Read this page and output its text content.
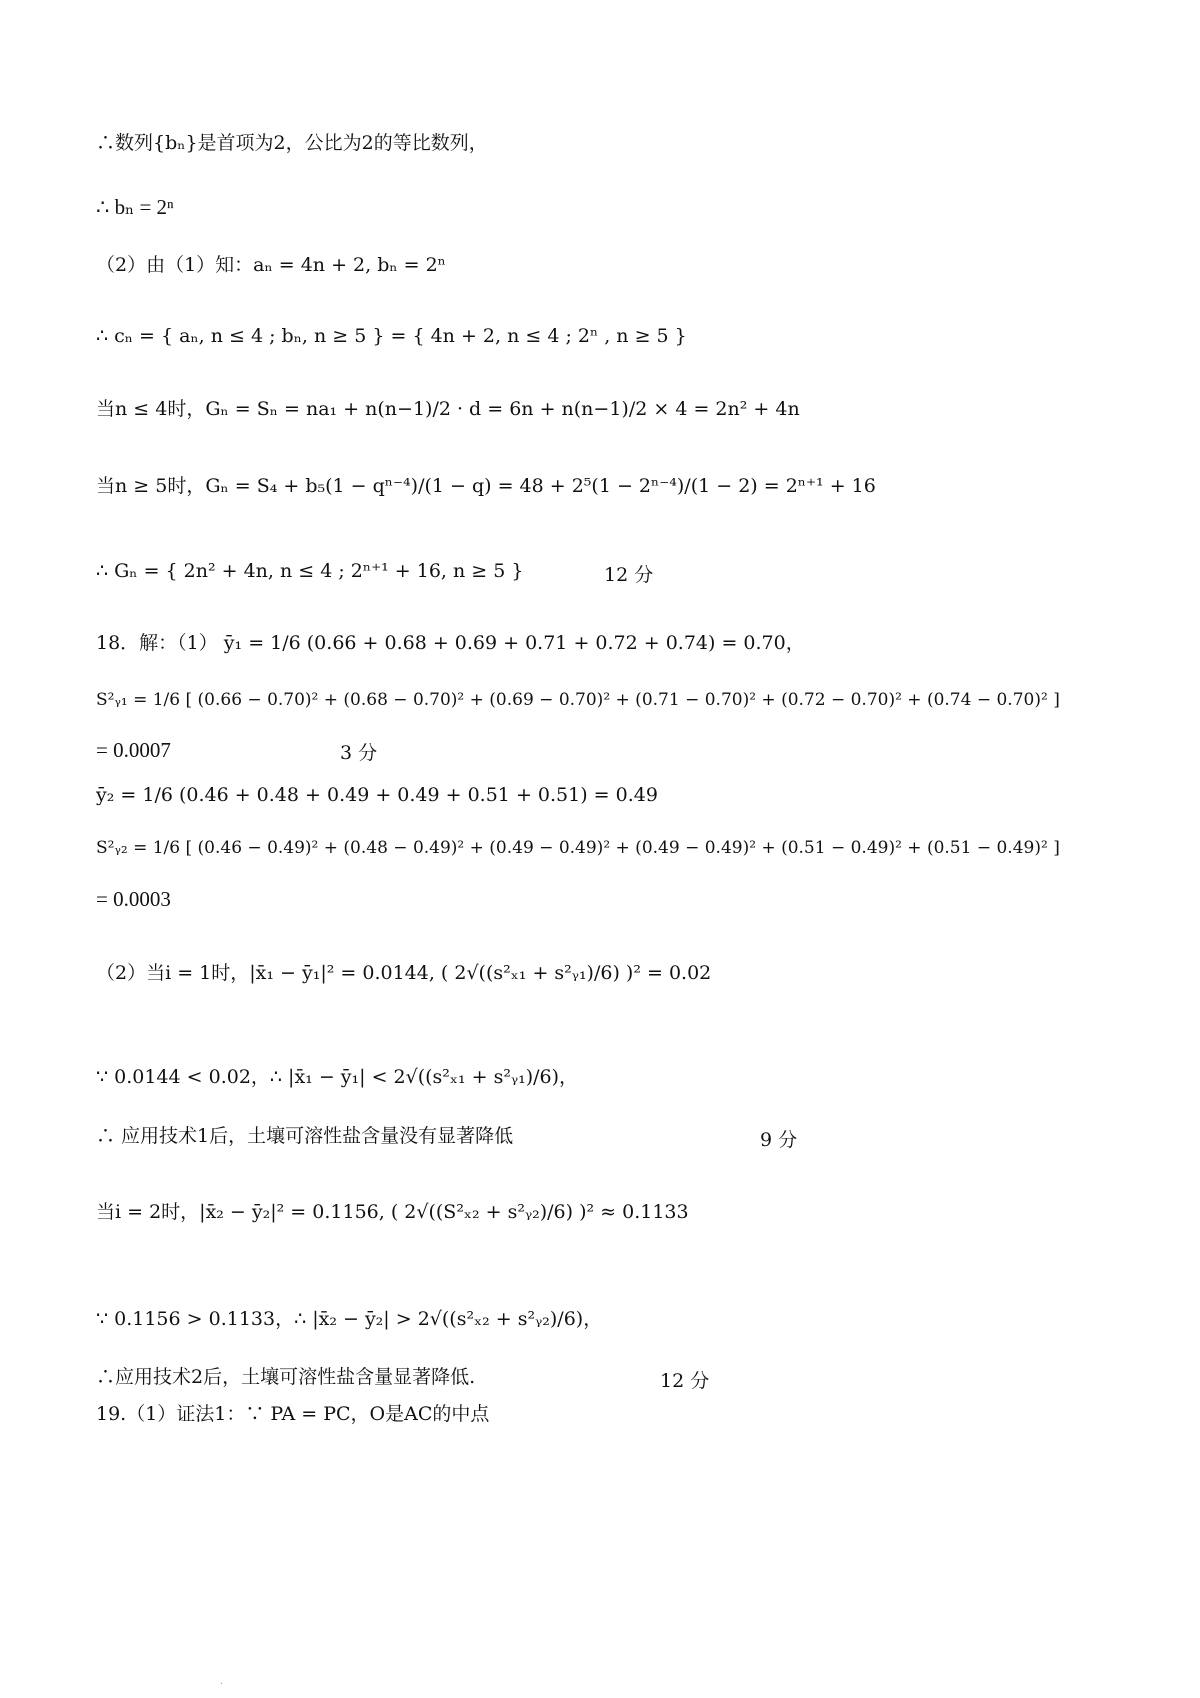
∴数列{bₙ}是首项为2，公比为2的等比数列，
∴ bₙ = 2ⁿ
（2）由（1）知：aₙ = 4n + 2, bₙ = 2ⁿ
∴ cₙ = { aₙ, n ≤ 4 ; bₙ, n ≥ 5 } = { 4n + 2, n ≤ 4 ; 2ⁿ , n ≥ 5 }
当n ≤ 4时，Gₙ = Sₙ = na₁ + n(n−1)/2 · d = 6n + n(n−1)/2 × 4 = 2n² + 4n
当n ≥ 5时，Gₙ = S₄ + b₅(1 − qⁿ⁻⁴)/(1 − q) = 48 + 2⁵(1 − 2ⁿ⁻⁴)/(1 − 2) = 2ⁿ⁺¹ + 16
∴ Gₙ = { 2n² + 4n, n ≤ 4 ; 2ⁿ⁺¹ + 16, n ≥ 5 }	12 分
18．解：（1） ȳ₁ = 1/6 (0.66 + 0.68 + 0.69 + 0.71 + 0.72 + 0.74) = 0.70，
S²ᵧ₁ = 1/6 [ (0.66 − 0.70)² + (0.68 − 0.70)² + (0.69 − 0.70)² + (0.71 − 0.70)² + (0.72 − 0.70)² + (0.74 − 0.70)² ]
= 0.0007	3 分
ȳ₂ = 1/6 (0.46 + 0.48 + 0.49 + 0.49 + 0.51 + 0.51) = 0.49
S²ᵧ₂ = 1/6 [ (0.46 − 0.49)² + (0.48 − 0.49)² + (0.49 − 0.49)² + (0.49 − 0.49)² + (0.51 − 0.49)² + (0.51 − 0.49)² ]
= 0.0003
（2）当i = 1时，|x̄₁ − ȳ₁|² = 0.0144, ( 2√((s²ₓ₁ + s²ᵧ₁)/6) )² = 0.02
∵ 0.0144 < 0.02，∴ |x̄₁ − ȳ₁| < 2√((s²ₓ₁ + s²ᵧ₁)/6)，
∴ 应用技术1后，土壤可溶性盐含量没有显著降低	9 分
当i = 2时，|x̄₂ − ȳ₂|² = 0.1156, ( 2√((S²ₓ₂ + s²ᵧ₂)/6) )² ≈ 0.1133
∵ 0.1156 > 0.1133，∴ |x̄₂ − ȳ₂| > 2√((s²ₓ₂ + s²ᵧ₂)/6)，
∴应用技术2后，土壤可溶性盐含量显著降低.	12 分
19.（1）证法1：∵ PA = PC，O是AC的中点
.
